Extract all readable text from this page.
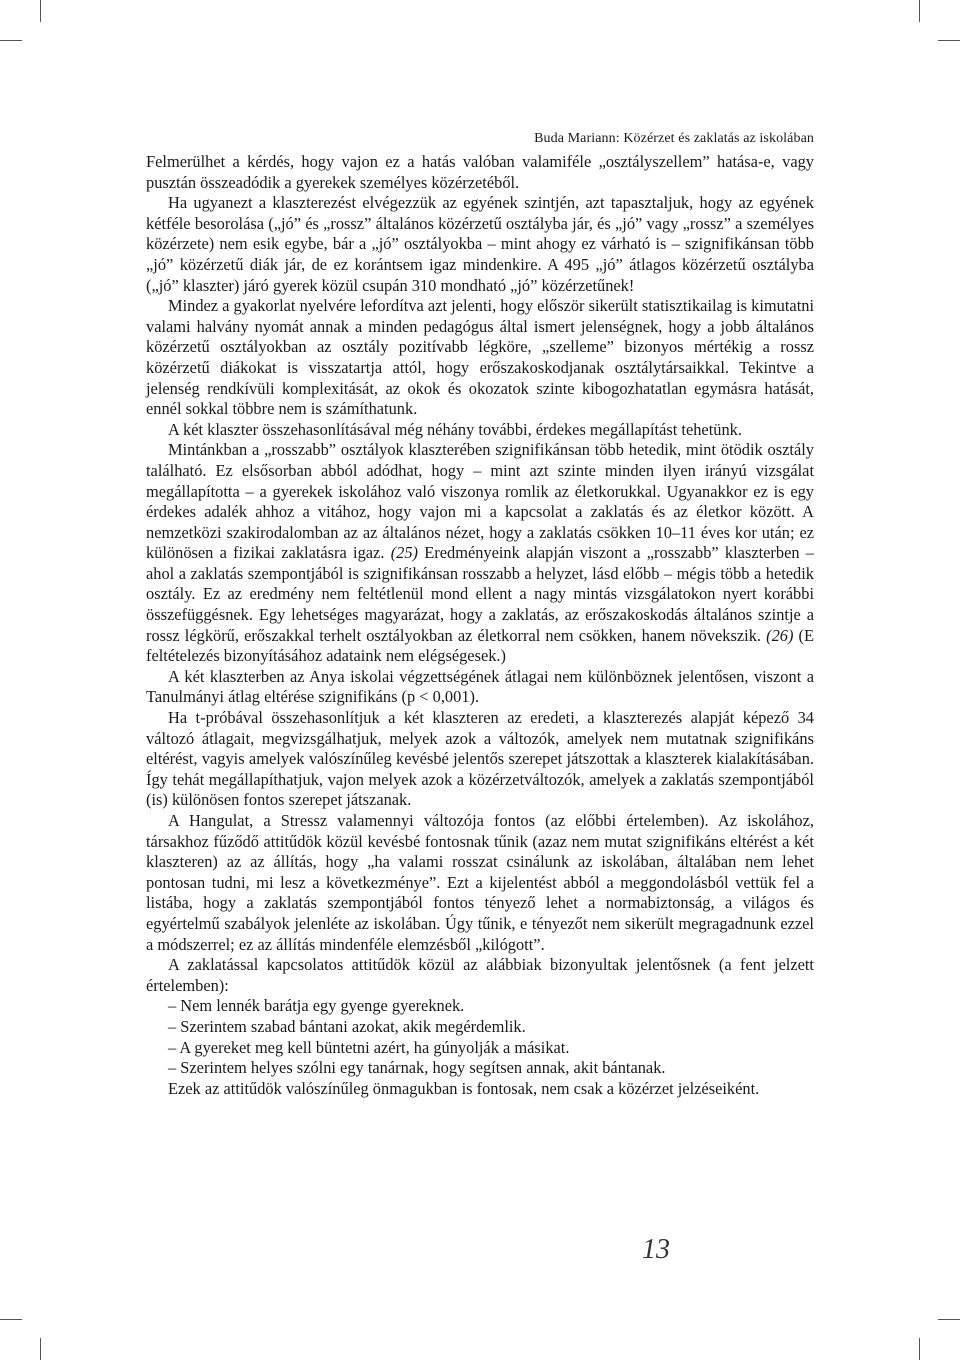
Buda Mariann: Közérzet és zaklatás az iskolában

Felmerülhet a kérdés, hogy vajon ez a hatás valóban valamiféle „osztályszellem” hatása-e, vagy pusztán összeadódik a gyerekek személyes közérzetéből.

Ha ugyanezt a klaszterezést elvégezzük az egyének szintjén, azt tapasztaljuk, hogy az egyének kétféle besorolása („jó” és „rossz” általános közérzetű osztályba jár, és „jó” vagy „rossz” a személyes közérzete) nem esik egybe, bár a „jó” osztályokba – mint ahogy ez várható is – szignifikánsan több „jó” közérzetű diák jár, de ez korántsem igaz mindenkire. A 495 „jó” átlagos közérzetű osztályba („jó” klaszter) járó gyerek közül csupán 310 mondható „jó” közérzetűnek!

Mindez a gyakorlat nyelvére lefordítva azt jelenti, hogy először sikerült statisztikailag is kimutatni valami halvány nyomát annak a minden pedagógus által ismert jelenségnek, hogy a jobb általános közérzetű osztályokban az osztály pozitívabb légköre, „szelleme” bizonyos mértékig a rossz közérzetű diákokat is visszatartja attól, hogy erőszakoskodjanak osztálytársaikkal. Tekintve a jelenség rendkívüli komplexitását, az okok és okozatok szinte kibogozhatatlan egymásra hatását, ennél sokkal többre nem is számíthatunk.

A két klaszter összehasonlításával még néhány további, érdekes megállapítást tehetünk.

Mintánkban a „rosszabb” osztályok klaszterében szignifikánsan több hetedik, mint ötödik osztály található. Ez elsősorban abból adódhat, hogy – mint azt szinte minden ilyen irányú vizsgálat megállapította – a gyerekek iskolához való viszonya romlik az életkorukkal. Ugyanakkor ez is egy érdekes adalék ahhoz a vitához, hogy vajon mi a kapcsolat a zaklatás és az életkor között. A nemzetközi szakirodalomban az az általános nézet, hogy a zaklatás csökken 10–11 éves kor után; ez különösen a fizikai zaklatásra igaz. (25) Eredményeink alapján viszont a „rosszabb” klaszterben – ahol a zaklatás szempontjából is szignifikánsan rosszabb a helyzet, lásd előbb – mégis több a hetedik osztály. Ez az eredmény nem feltétlenül mond ellent a nagy mintás vizsgálatokon nyert korábbi összefüggésnek. Egy lehetséges magyarázat, hogy a zaklatás, az erőszakoskodás általános szintje a rossz légkörű, erőszakkal terhelt osztályokban az életkorral nem csökken, hanem növekszik. (26) (E feltételezés bizonyításához adataink nem elégségesek.)

A két klaszterben az Anya iskolai végzettségének átlagai nem különböznek jelentősen, viszont a Tanulmányi átlag eltérése szignifikáns (p < 0,001).

Ha t-próbával összehasonlítjuk a két klaszteren az eredeti, a klaszterezés alapját képező 34 változó átlagait, megvizsgálhatjuk, melyek azok a változók, amelyek nem mutatnak szignifikáns eltérést, vagyis amelyek valószínűleg kevésbé jelentős szerepet játszottak a klaszterek kialakításában. Így tehát megállapíthatjuk, vajon melyek azok a közérzetváltozók, amelyek a zaklatás szempontjából (is) különösen fontos szerepet játszanak.

A Hangulat, a Stressz valamennyi változója fontos (az előbbi értelemben). Az iskolához, társakhoz fűződő attitűdök közül kevésbé fontosnak tűnik (azaz nem mutat szignifikáns eltérést a két klaszteren) az az állítás, hogy „ha valami rosszat csinálunk az iskolában, általában nem lehet pontosan tudni, mi lesz a következménye”. Ezt a kijelentést abból a meggondolásból vettük fel a listába, hogy a zaklatás szempontjából fontos tényező lehet a normabiztonság, a világos és egyértelmű szabályok jelenléte az iskolában. Úgy tűnik, e tényezőt nem sikerült megragadnunk ezzel a módszerrel; ez az állítás mindenféle elemzésből „kilógott”.

A zaklatással kapcsolatos attitűdök közül az alábbiak bizonyultak jelentősnek (a fent jelzett értelemben):

– Nem lennék barátja egy gyenge gyereknek.
– Szerintem szabad bántani azokat, akik megérdemlik.
– A gyereket meg kell büntetni azért, ha gúnyolják a másikat.
– Szerintem helyes szólni egy tanárnak, hogy segítsen annak, akit bántanak.

Ezek az attitűdök valószínűleg önmagukban is fontosak, nem csak a közérzet jelzéseiként.

13
